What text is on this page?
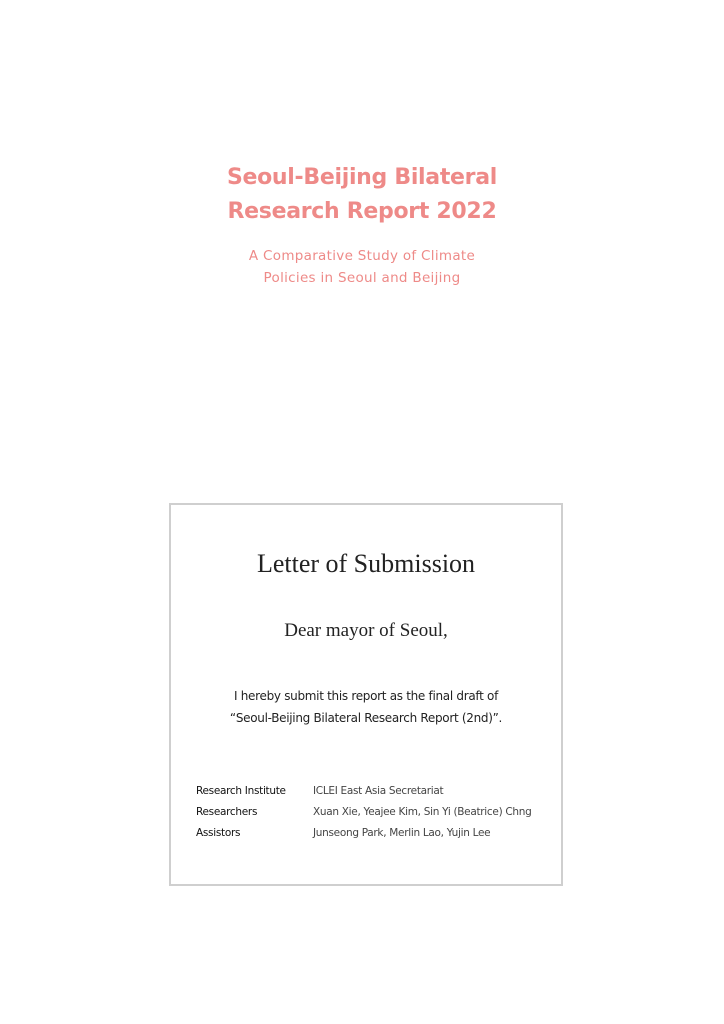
Seoul-Beijing Bilateral
Research Report 2022
A Comparative Study of Climate
Policies in Seoul and Beijing
Letter of Submission
Dear mayor of Seoul,
I hereby submit this report as the final draft of
“Seoul-Beijing Bilateral Research Report (2nd)”.
Research Institute	ICLEI East Asia Secretariat
Researchers	Xuan Xie, Yeajee Kim, Sin Yi (Beatrice) Chng
Assistors	Junseong Park, Merlin Lao, Yujin Lee
